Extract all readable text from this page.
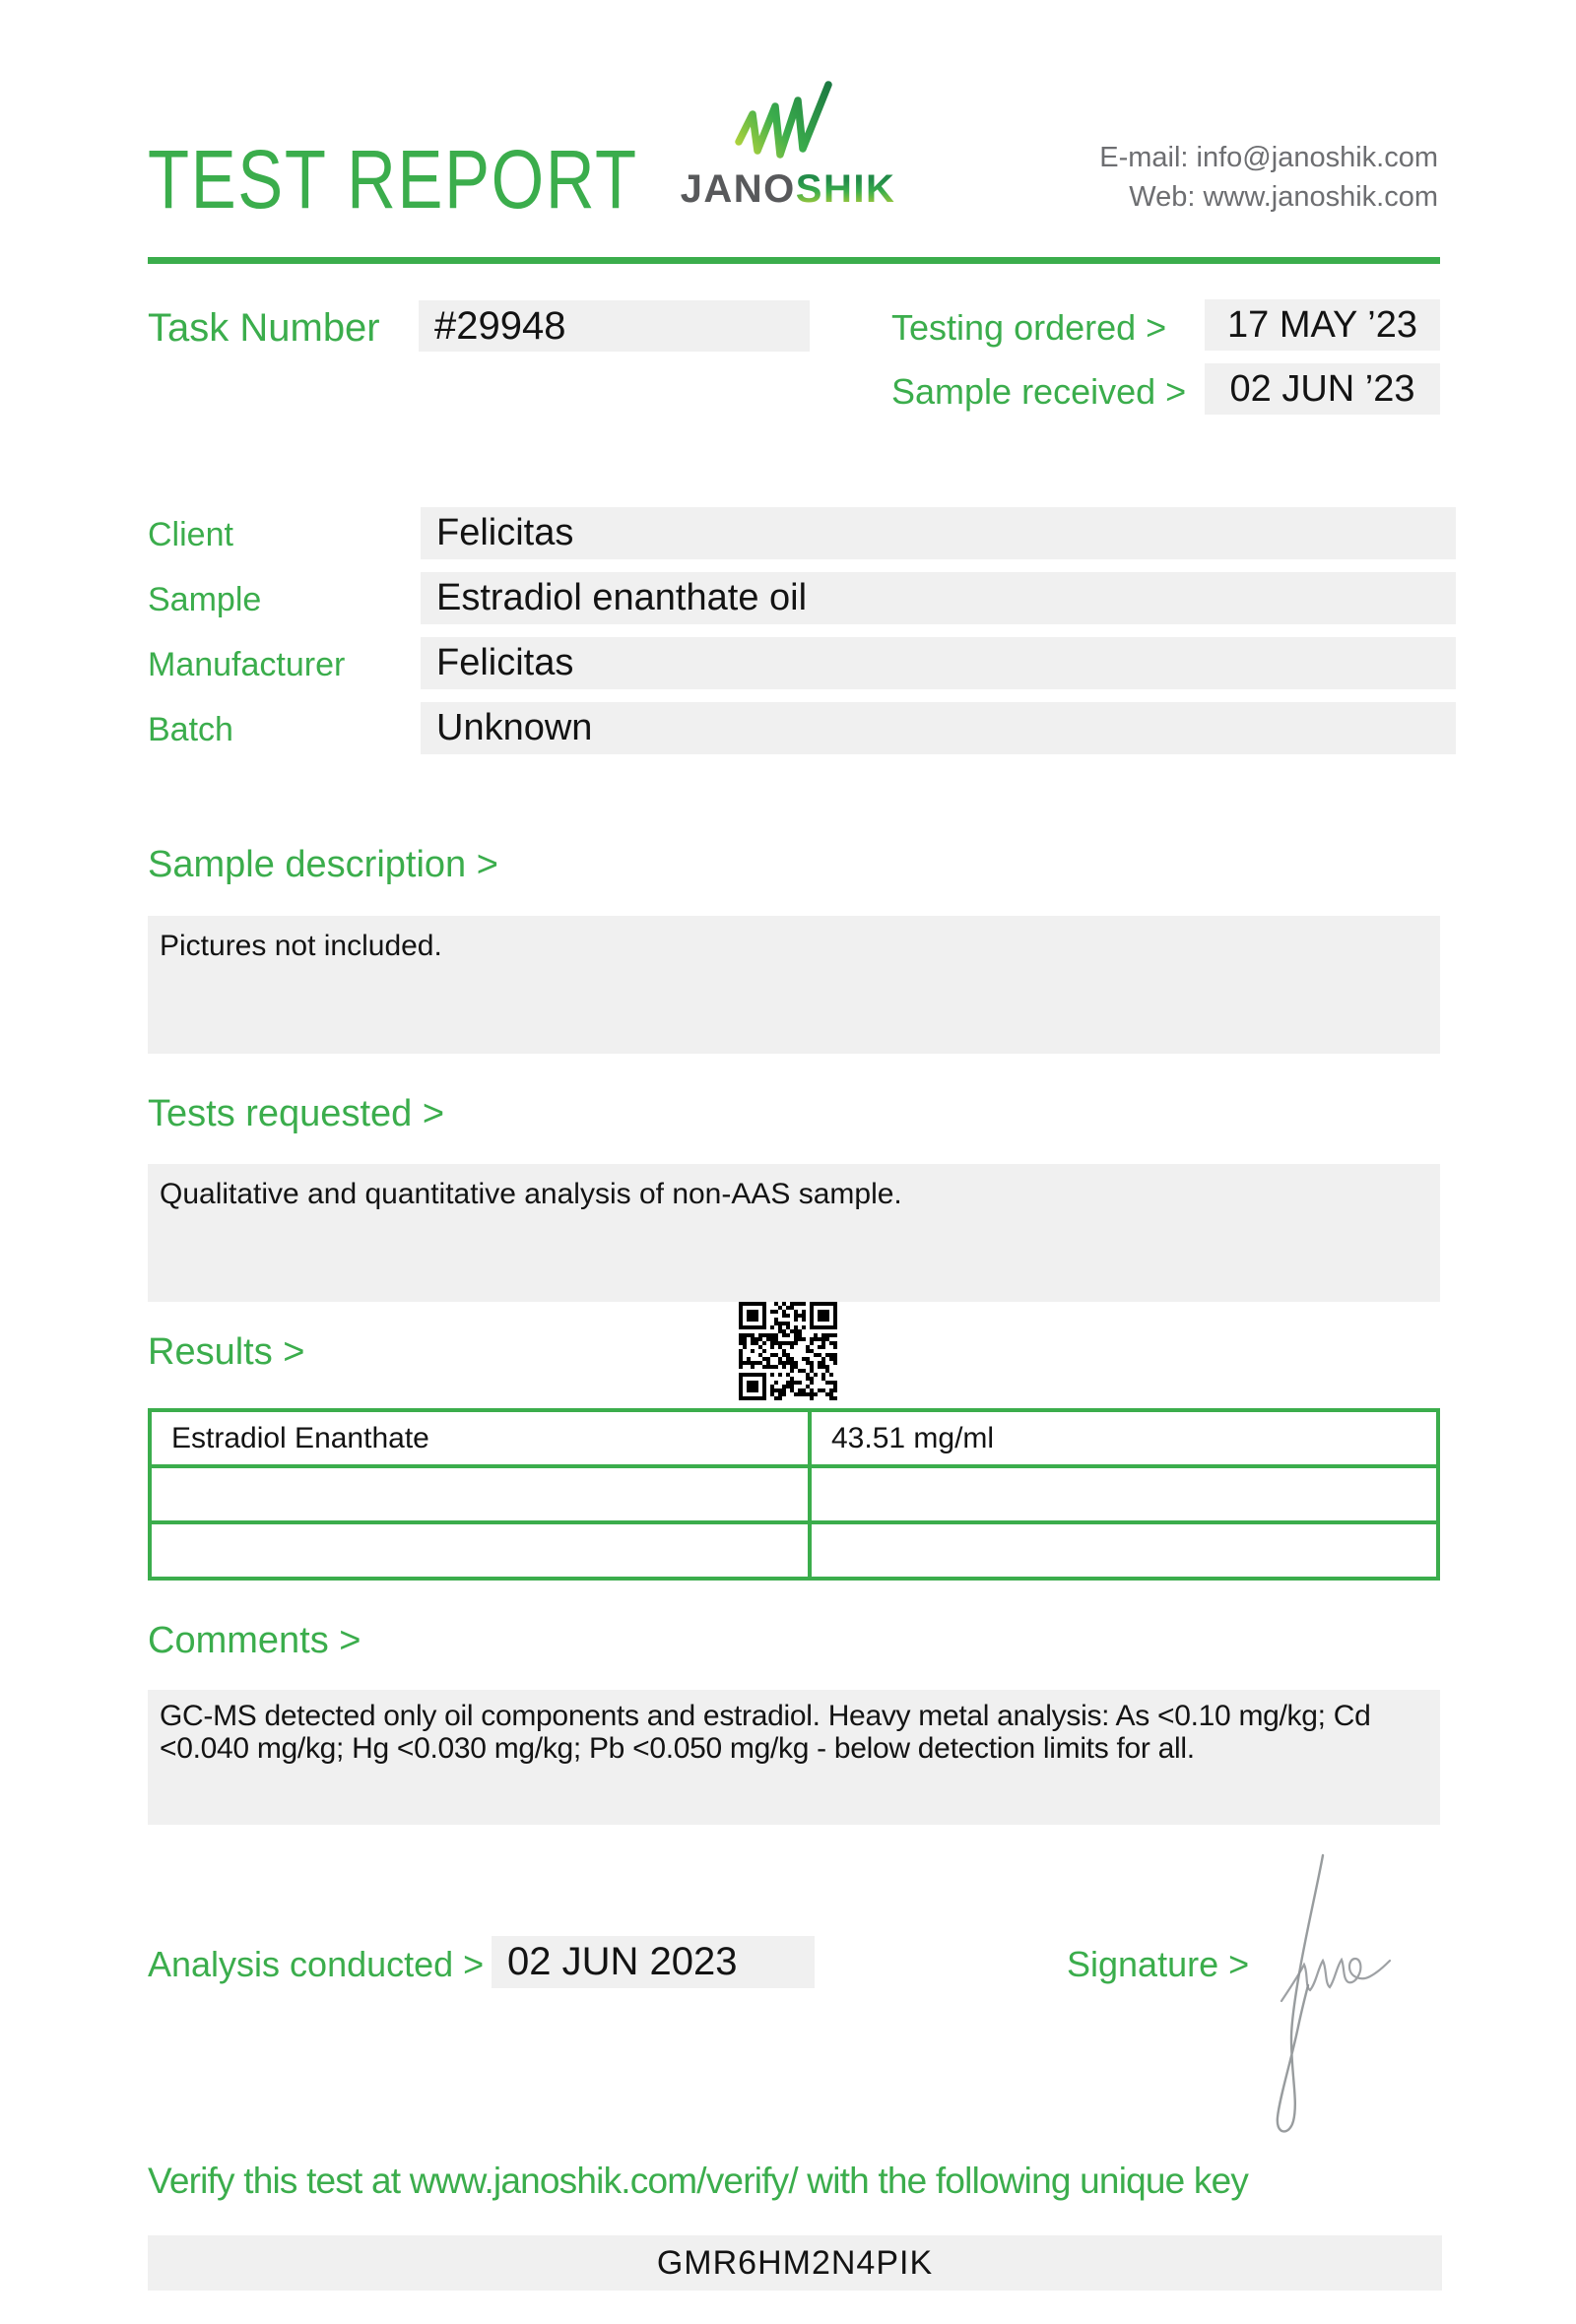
TEST REPORT	JANOSHIK
E-mail: info@janoshik.com
Web: www.janoshik.com
Task Number #29948	Testing ordered > 17 MAY ’23
Sample received > 02 JUN ’23
Client	Felicitas
Sample	Estradiol enanthate oil
Manufacturer Felicitas
Batch	Unknown
Sample description >
Pictures not included.
Tests requested >
Qualitative and quantitative analysis of non-AAS sample.
Results >
Estradiol Enanthate	43.51 mg/ml

Comments >
GC-MS detected only oil components and estradiol. Heavy metal analysis: As <0.10 mg/kg; Cd <0.040 mg/kg; Hg <0.030 mg/kg; Pb <0.050 mg/kg - below detection limits for all.
Analysis conducted > 02 JUN 2023	Signature >
Verify this test at www.janoshik.com/verify/ with the following unique key
GMR6HM2N4PIK
